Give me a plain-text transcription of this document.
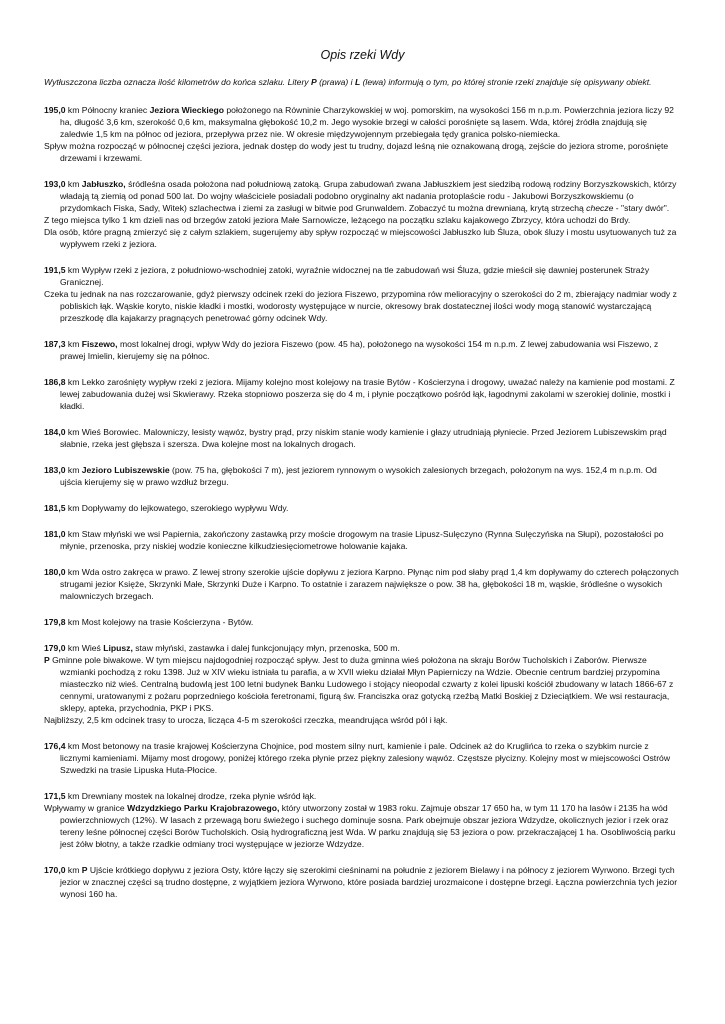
Opis rzeki Wdy

Wytłuszczona liczba oznacza ilość kilometrów do końca szlaku. Litery P (prawa) i L (lewa) informują o tym, po której stronie rzeki znajduje się opisywany obiekt.

195,0 km Północny kraniec Jeziora Wieckiego położonego na Równinie Charzykowskiej w woj. pomorskim, na wysokości 156 m n.p.m. Powierzchnia jeziora liczy 92 ha, długość 3,6 km, szerokość 0,6 km, maksymalna głębokość 10,2 m. Jego wysokie brzegi w całości porośnięte są lasem. Wda, której źródła znajdują się zaledwie 1,5 km na północ od jeziora, przepływa przez nie. W okresie międzywojennym przebiegała tędy granica polsko-niemiecka.

Spływ można rozpocząć w północnej części jeziora, jednak dostęp do wody jest tu trudny, dojazd leśną nie oznakowaną drogą, zejście do jeziora strome, porośnięte drzewami i krzewami.

193,0 km Jabłuszko, śródleśna osada położona nad południową zatoką. Grupa zabudowań zwana Jabłuszkiem jest siedzibą rodową rodziny Borzyszkowskich, którzy władają tą ziemią od ponad 500 lat. Do wojny właściciele posiadali podobno oryginalny akt nadania protoplaście rodu - Jakubowi Borzyszkowskiemu (o przydomkach Fiska, Sady, Witek) szlachectwa i ziemi za zasługi w bitwie pod Grunwaldem. Zobaczyć tu można drewnianą, krytą strzechą checze - "stary dwór".

Z tego miejsca tylko 1 km dzieli nas od brzegów zatoki jeziora Małe Sarnowicze, leżącego na początku szlaku kajakowego Zbrzycy, która uchodzi do Brdy.

Dla osób, które pragną zmierzyć się z całym szlakiem, sugerujemy aby spływ rozpocząć w miejscowości Jabłuszko lub Śluza, obok śluzy i mostu usytuowanych tuż za wypływem rzeki z jeziora.

191,5 km Wypływ rzeki z jeziora, z południowo-wschodniej zatoki, wyraźnie widocznej na tle zabudowań wsi Śluza, gdzie mieścił się dawniej posterunek Straży Granicznej.

Czeka tu jednak na nas rozczarowanie, gdyż pierwszy odcinek rzeki do jeziora Fiszewo, przypomina rów melioracyjny o szerokości do 2 m, zbierający nadmiar wody z pobliskich łąk. Wąskie koryto, niskie kładki i mostki, wodorosty występujące w nurcie, okresowy brak dostatecznej ilości wody mogą stanowić wystarczającą przeszkodę dla kajakarzy pragnących penetrować górny odcinek Wdy.

187,3 km Fiszewo, most lokalnej drogi, wpływ Wdy do jeziora Fiszewo (pow. 45 ha), położonego na wysokości 154 m n.p.m. Z lewej zabudowania wsi Fiszewo, z prawej Imielin, kierujemy się na północ.

186,8 km Lekko zarośnięty wypływ rzeki z jeziora. Mijamy kolejno most kolejowy na trasie Bytów - Kościerzyna i drogowy, uważać należy na kamienie pod mostami. Z lewej zabudowania dużej wsi Skwierawy. Rzeka stopniowo poszerza się do 4 m, i płynie początkowo pośród łąk, łagodnymi zakolami w szerokiej dolinie, mostki i kładki.

184,0 km Wieś Borowiec. Malowniczy, lesisty wąwóz, bystry prąd, przy niskim stanie wody kamienie i głazy utrudniają płyniecie. Przed Jeziorem Lubiszewskim prąd słabnie, rzeka jest głębsza i szersza. Dwa kolejne most na lokalnych drogach.

183,0 km Jezioro Lubiszewskie (pow. 75 ha, głębokości 7 m), jest jeziorem rynnowym o wysokich zalesionych brzegach, położonym na wys. 152,4 m n.p.m. Od ujścia kierujemy się w prawo wzdłuż brzegu.

181,5 km Dopływamy do lejkowatego, szerokiego wypływu Wdy.

181,0 km Staw młyński we wsi Papiernia, zakończony zastawką przy moście drogowym na trasie Lipusz-Sulęczyno (Rynna Sulęczyńska na Słupi), pozostałości po młynie, przenoska, przy niskiej wodzie konieczne kilkudziesięciometrowe holowanie kajaka.

180,0 km Wda ostro zakręca w prawo. Z lewej strony szerokie ujście dopływu z jeziora Karpno. Płynąc nim pod słaby prąd 1,4 km dopływamy do czterech połączonych strugami jezior Księże, Skrzynki Małe, Skrzynki Duże i Karpno. To ostatnie i zarazem największe o pow. 38 ha, głębokości 18 m, wąskie, śródleśne o wysokich malowniczych brzegach.

179,8 km Most kolejowy na trasie Kościerzyna - Bytów.

179,0 km Wieś Lipusz, staw młyński, zastawka i dalej funkcjonujący młyn, przenoska, 500 m.

P Gminne pole biwakowe. W tym miejscu najdogodniej rozpocząć spływ. Jest to duża gminna wieś położona na skraju Borów Tucholskich i Zaborów. Pierwsze wzmianki pochodzą z roku 1398. Już w XIV wieku istniała tu parafia, a w XVII wieku działał Młyn Papierniczy na Wdzie. Obecnie centrum bardziej przypomina miasteczko niż wieś. Centralną budowlą jest 100 letni budynek Banku Ludowego i stojący nieopodal czwarty z kolei lipuski kościół zbudowany w latach 1866-67 z cennymi, uratowanymi z pożaru poprzedniego kościoła feretronami, figurą św. Franciszka oraz gotycką rzeźbą Matki Boskiej z Dzieciątkiem. We wsi restauracja, sklepy, apteka, przychodnia, PKP i PKS.

Najbliższy, 2,5 km odcinek trasy to urocza, licząca 4-5 m szerokości rzeczka, meandrująca wśród pól i łąk.

176,4 km Most betonowy na trasie krajowej Kościerzyna Chojnice, pod mostem silny nurt, kamienie i pale. Odcinek aż do Kruglińca to rzeka o szybkim nurcie z licznymi kamieniami. Mijamy most drogowy, poniżej którego rzeka płynie przez piękny zalesiony wąwóz. Częstsze płycizny. Kolejny most w miejscowości Ostrów Szwedzki na trasie Lipuska Huta-Płocice.

171,5 km Drewniany mostek na lokalnej drodze, rzeka płynie wśród łąk.

Wpływamy w granice Wdzydzkiego Parku Krajobrazowego, który utworzony został w 1983 roku. Zajmuje obszar 17 650 ha, w tym 11 170 ha lasów i 2135 ha wód powierzchniowych (12%). W lasach z przewagą boru świeżego i suchego dominuje sosna. Park obejmuje obszar jeziora Wdzydze, okolicznych jezior i rzek oraz tereny leśne północnej części Borów Tucholskich. Osią hydrograficzną jest Wda. W parku znajdują się 53 jeziora o pow. przekraczającej 1 ha. Osobliwością parku jest żółw błotny, a także rzadkie odmiany troci występujące w jeziorze Wdzydze.

170,0 km P Ujście krótkiego dopływu z jeziora Osty, które łączy się szerokimi cieśninami na południe z jeziorem Bielawy i na północy z jeziorem Wyrwono. Brzegi tych jezior w znacznej części są trudno dostępne, z wyjątkiem jeziora Wyrwono, które posiada bardziej urozmaicone i dostępne brzegi. Łączna powierzchnia tych jezior wynosi 160 ha.
